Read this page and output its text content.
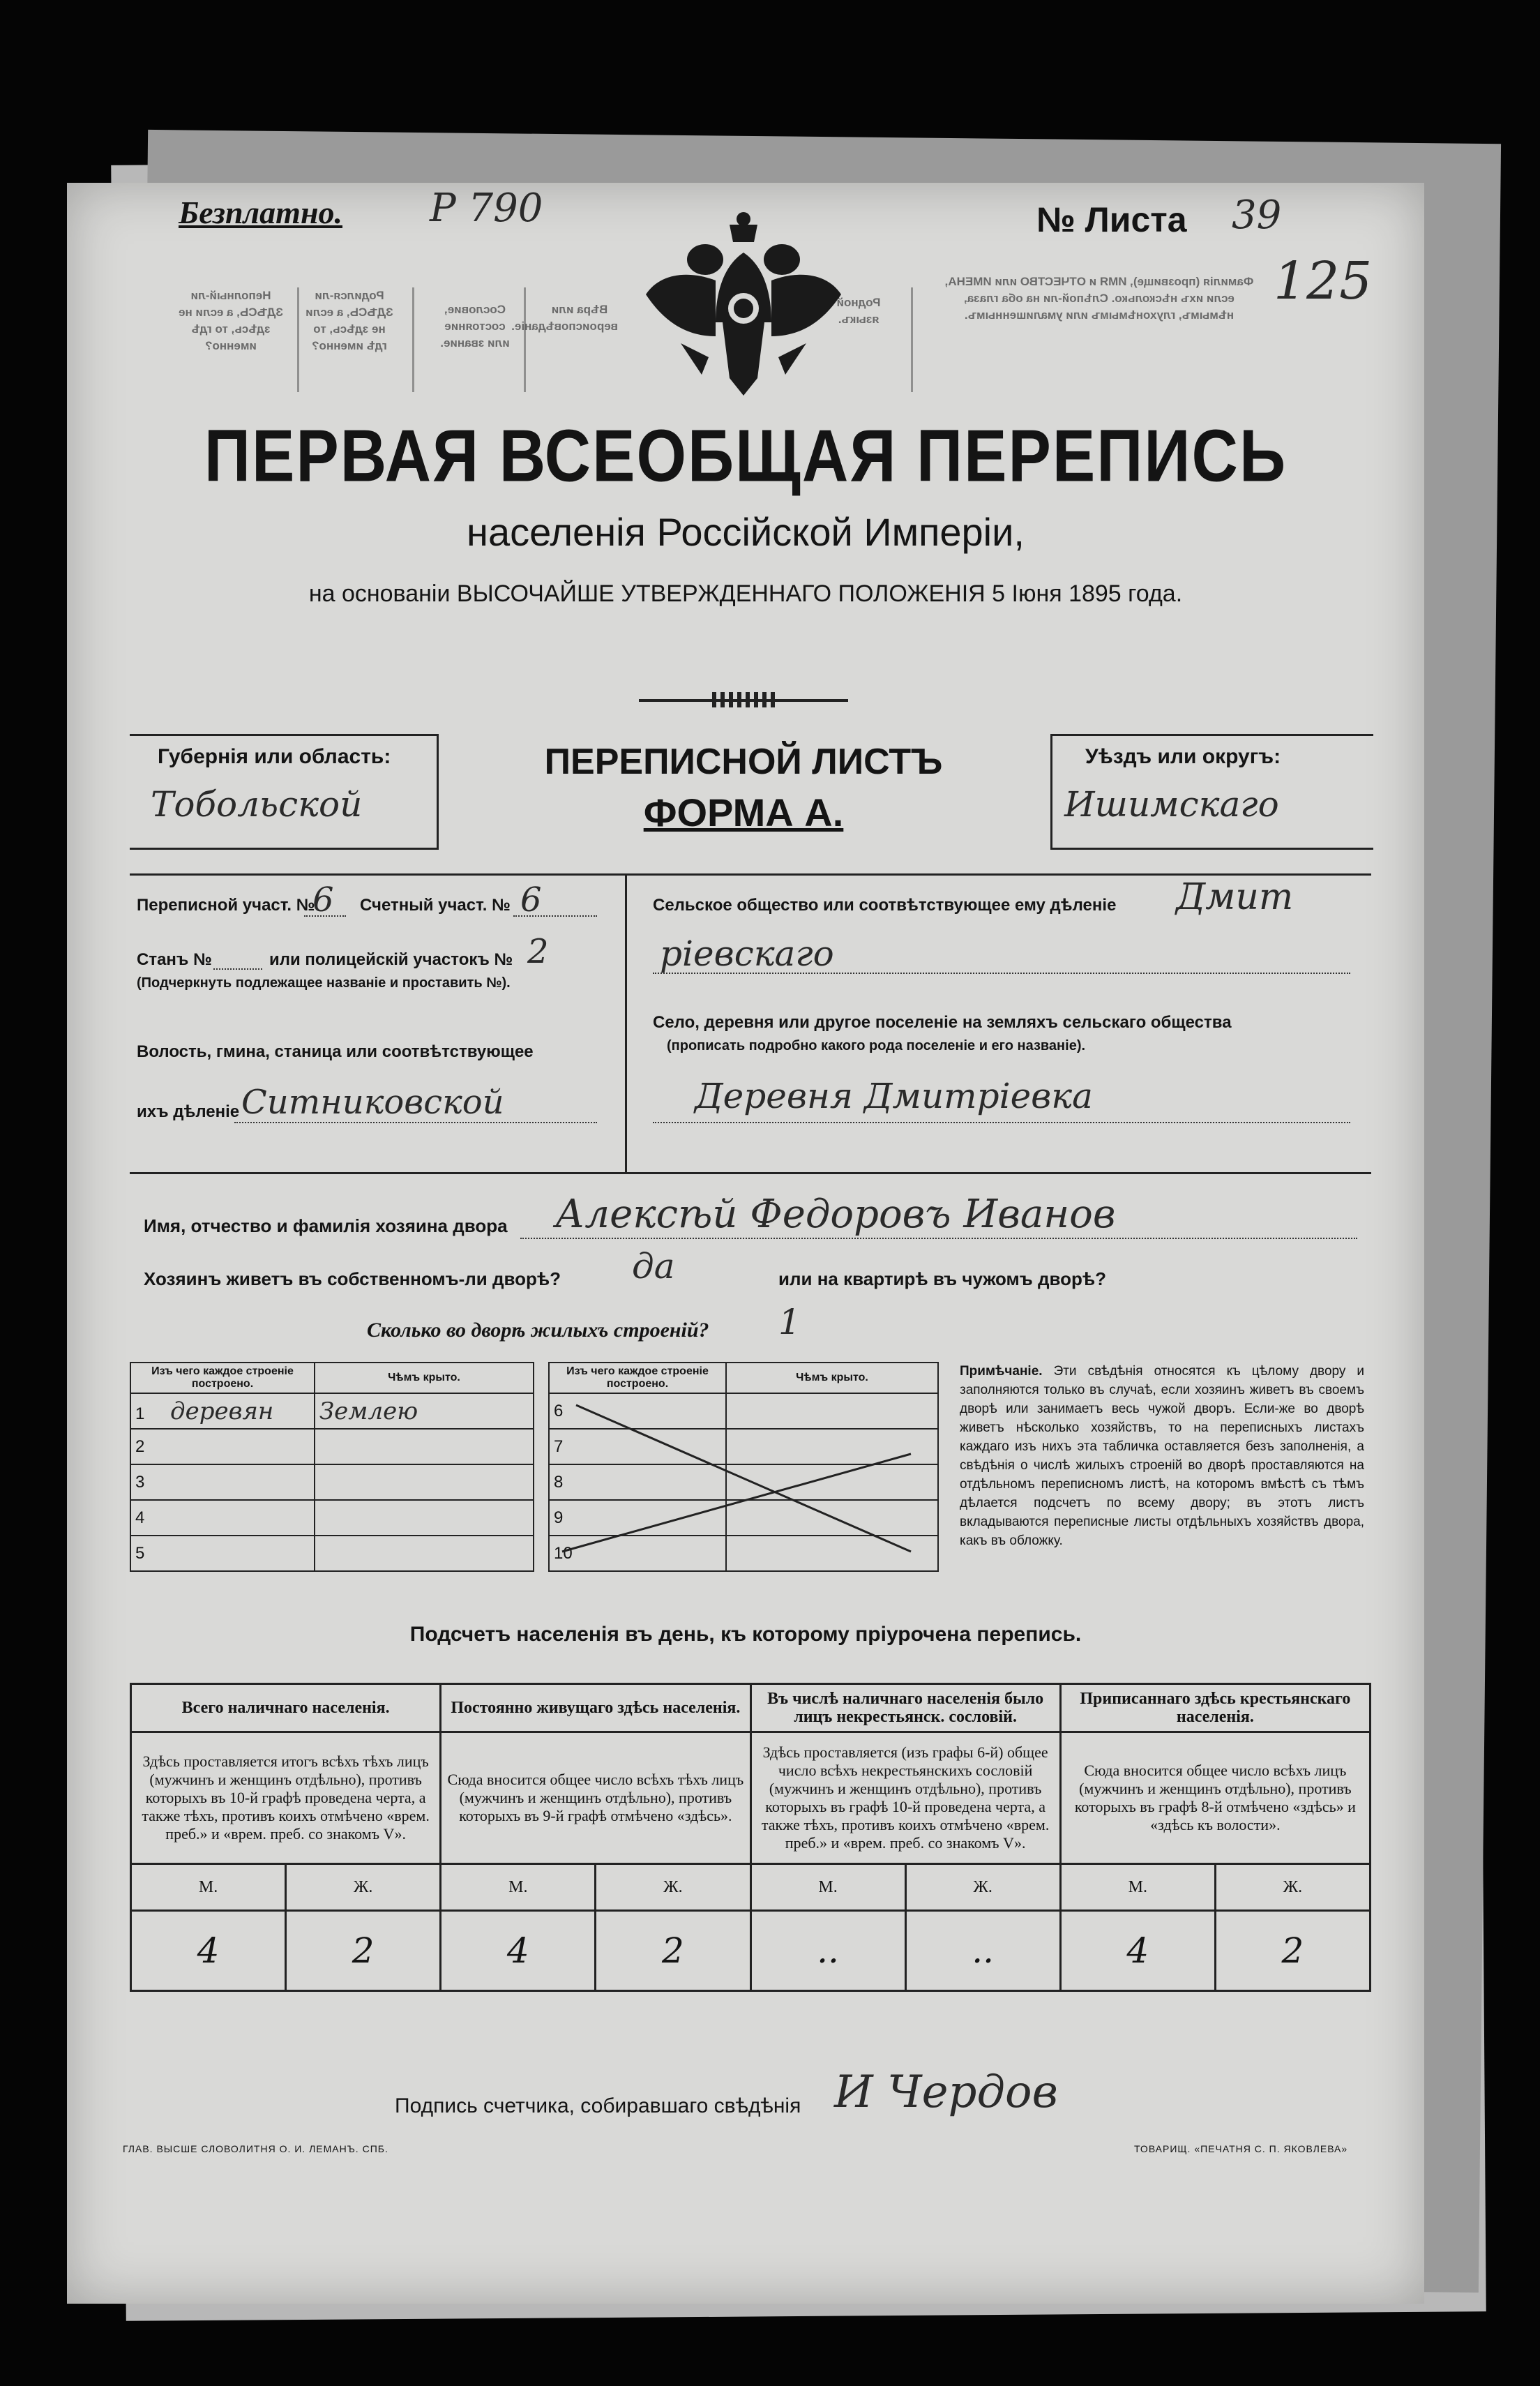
Безплатно. Р 790	№ Листа 39
125
Неполный-ли ЗДѢСЬ, а если не здѣсь, то гдѣ именно?
Родился-ли ЗДѢСЬ, а если не здѣсь, то гдѣ именно?
Сословие, состояние или звание.
Вѣра или вероисповѣданіе.
Родной языкъ.
Фамилія (прозвище), ИМЯ и ОТЧЕСТВО или ИМЕНА, если ихъ нѣсколько. Слѣпой-ли на оба глаза, нѣмымъ, глухонѣмымъ или умалишеннымъ.
ПЕРВАЯ ВСЕОБЩАЯ ПЕРЕПИСЬ
населенія Россійской Имперіи,
на основаніи ВЫСОЧАЙШЕ УТВЕРЖДЕННАГО ПОЛОЖЕНІЯ 5 Іюня 1895 года.
Губернія или область:
Тобольской
ПЕРЕПИСНОЙ ЛИСТЪ
ФОРМА А.
Уѣздъ или округъ:
Ишимскаго
Переписной участ. №
6 Счетный участ. № 6
Станъ №	или полицейскій участокъ № 2
(Подчеркнуть подлежащее названіе и проставить №).
Волость, гмина, станица или соотвѣтствующее
ихъ дѣленіе Ситниковской
Сельское общество или соотвѣтствующее ему дѣленіе Дмит
ріевскаго
Село, деревня или другое поселеніе на земляхъ сельскаго общества
(прописать подробно какого рода поселеніе и его названіе).
Деревня Дмитріевка
Имя, отчество и фамилія хозяина двора Алексѣй Федоровъ Иванов
Хозяинъ живетъ въ собственномъ-ли дворѣ? да	или на квартирѣ въ чужомъ дворѣ?
Сколько во дворѣ жилыхъ строеній? 1
Изъ чего каждое строеніе построено.	Чѣмъ крыто.
1 деревян	Землею
2	
3	
4	
5	
Изъ чего каждое строеніе построено.	Чѣмъ крыто.
6	
7	
8	
9	
10	
Примѣчаніе. Эти свѣдѣнія относятся къ цѣлому двору и заполняются только въ случаѣ, если хозяинъ живетъ въ своемъ дворѣ или занимаетъ весь чужой дворъ. Если-же во дворѣ живетъ нѣсколько хозяйствъ, то на переписныхъ листахъ каждаго изъ нихъ эта табличка оставляется безъ заполненія, а свѣдѣнія о числѣ жилыхъ строеній во дворѣ проставляются на отдѣльномъ переписномъ листѣ, на которомъ вмѣстѣ съ тѣмъ дѣлается подсчетъ по всему двору; въ этотъ листъ вкладываются переписные листы отдѣльныхъ хозяйствъ двора, какъ въ обложку.
Подсчетъ населенія въ день, къ которому пріурочена перепись.
Всего наличнаго населенія.		Постоянно живущаго здѣсь населенія.		Въ числѣ наличнаго населенія было лицъ некрестьянск. сословій.		Приписаннаго здѣсь крестьянскаго населенія.	
Здѣсь проставляется итогъ всѣхъ тѣхъ лицъ (мужчинъ и женщинъ отдѣльно), противъ которыхъ въ 10-й графѣ проведена черта, а также тѣхъ, противъ коихъ отмѣчено «врем. преб.» и «врем. преб. со знакомъ V».		Сюда вносится общее число всѣхъ тѣхъ лицъ (мужчинъ и женщинъ отдѣльно), противъ которыхъ въ 9-й графѣ отмѣчено «здѣсь».		Здѣсь проставляется (изъ графы 6-й) общее число всѣхъ некрестьянскихъ сословій (мужчинъ и женщинъ отдѣльно), противъ которыхъ въ графѣ 10-й проведена черта, а также тѣхъ, противъ коихъ отмѣчено «врем. преб.» и «врем. преб. со знакомъ V».		Сюда вносится общее число всѣхъ лицъ (мужчинъ и женщинъ отдѣльно), противъ которыхъ въ графѣ 8-й отмѣчено «здѣсь» и «здѣсь къ волости».	
М.	Ж.	М.	Ж.	М.	Ж.	М.	Ж.
4	2	4	2	..	..	4	2
Подпись счетчика, собиравшаго свѣдѣнія И Чердов
ГЛАВ. ВЫСШЕ СЛОВОЛИТНЯ О. И. ЛЕМАНЪ. СПБ.	ТОВАРИЩ. «ПЕЧАТНЯ С. П. ЯКОВЛЕВА»
